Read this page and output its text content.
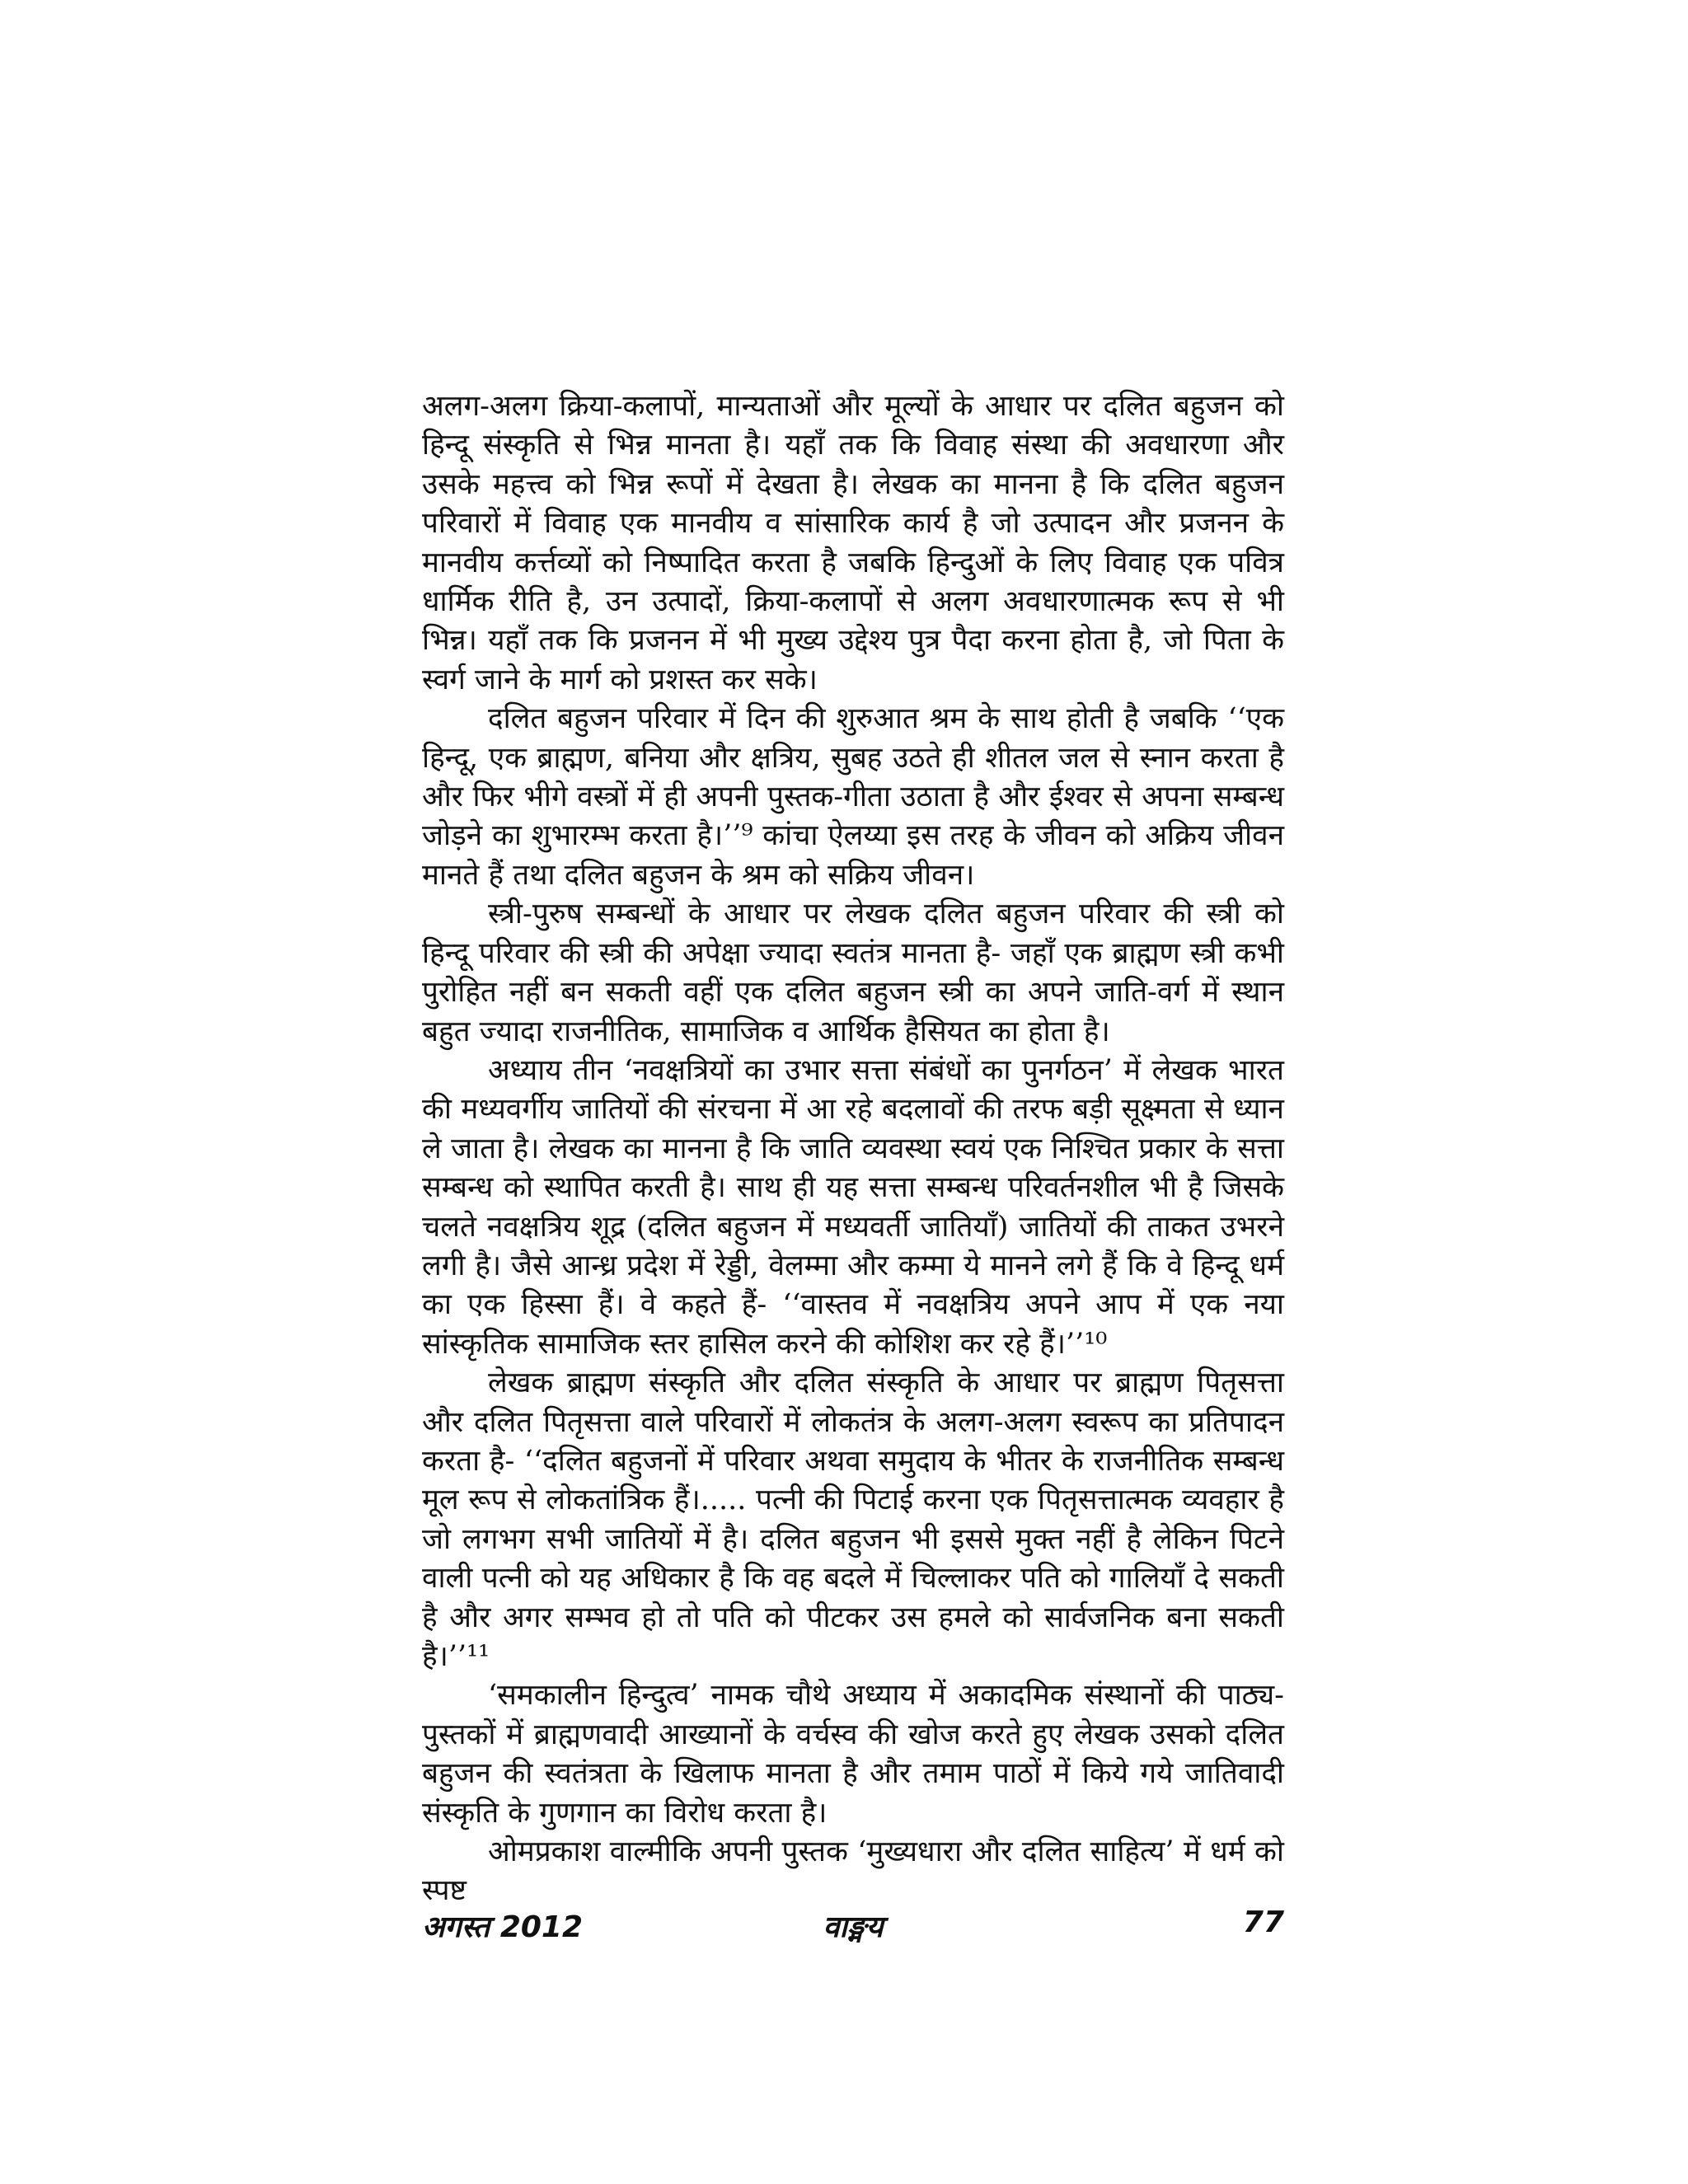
अलग-अलग क्रिया-कलापों, मान्यताओं और मूल्यों के आधार पर दलित बहुजन को हिन्दू संस्कृति से भिन्न मानता है। यहाँ तक कि विवाह संस्था की अवधारणा और उसके महत्त्व को भिन्न रूपों में देखता है। लेखक का मानना है कि दलित बहुजन परिवारों में विवाह एक मानवीय व सांसारिक कार्य है जो उत्पादन और प्रजनन के मानवीय कर्त्तव्यों को निष्पादित करता है जबकि हिन्दुओं के लिए विवाह एक पवित्र धार्मिक रीति है, उन उत्पादों, क्रिया-कलापों से अलग अवधारणात्मक रूप से भी भिन्न। यहाँ तक कि प्रजनन में भी मुख्य उद्देश्य पुत्र पैदा करना होता है, जो पिता के स्वर्ग जाने के मार्ग को प्रशस्त कर सके।

दलित बहुजन परिवार में दिन की शुरुआत श्रम के साथ होती है जबकि ‘‘एक हिन्दू, एक ब्राह्मण, बनिया और क्षत्रिय, सुबह उठते ही शीतल जल से स्नान करता है और फिर भीगे वस्त्रों में ही अपनी पुस्तक-गीता उठाता है और ईश्वर से अपना सम्बन्ध जोड़ने का शुभारम्भ करता है।’’⁹ कांचा ऐलय्या इस तरह के जीवन को अक्रिय जीवन मानते हैं तथा दलित बहुजन के श्रम को सक्रिय जीवन।

स्त्री-पुरुष सम्बन्धों के आधार पर लेखक दलित बहुजन परिवार की स्त्री को हिन्दू परिवार की स्त्री की अपेक्षा ज्यादा स्वतंत्र मानता है- जहाँ एक ब्राह्मण स्त्री कभी पुरोहित नहीं बन सकती वहीं एक दलित बहुजन स्त्री का अपने जाति-वर्ग में स्थान बहुत ज्यादा राजनीतिक, सामाजिक व आर्थिक हैसियत का होता है।

अध्याय तीन ‘नवक्षत्रियों का उभार सत्ता संबंधों का पुनर्गठन’ में लेखक भारत की मध्यवर्गीय जातियों की संरचना में आ रहे बदलावों की तरफ बड़ी सूक्ष्मता से ध्यान ले जाता है। लेखक का मानना है कि जाति व्यवस्था स्वयं एक निश्चित प्रकार के सत्ता सम्बन्ध को स्थापित करती है। साथ ही यह सत्ता सम्बन्ध परिवर्तनशील भी है जिसके चलते नवक्षत्रिय शूद्र (दलित बहुजन में मध्यवर्ती जातियाँ) जातियों की ताकत उभरने लगी है। जैसे आन्ध्र प्रदेश में रेड्डी, वेलम्मा और कम्मा ये मानने लगे हैं कि वे हिन्दू धर्म का एक हिस्सा हैं। वे कहते हैं- ‘‘वास्तव में नवक्षत्रिय अपने आप में एक नया सांस्कृतिक सामाजिक स्तर हासिल करने की कोशिश कर रहे हैं।’’¹⁰

लेखक ब्राह्मण संस्कृति और दलित संस्कृति के आधार पर ब्राह्मण पितृसत्ता और दलित पितृसत्ता वाले परिवारों में लोकतंत्र के अलग-अलग स्वरूप का प्रतिपादन करता है- ‘‘दलित बहुजनों में परिवार अथवा समुदाय के भीतर के राजनीतिक सम्बन्ध मूल रूप से लोकतांत्रिक हैं।..... पत्नी की पिटाई करना एक पितृसत्तात्मक व्यवहार है जो लगभग सभी जातियों में है। दलित बहुजन भी इससे मुक्त नहीं है लेकिन पिटने वाली पत्नी को यह अधिकार है कि वह बदले में चिल्लाकर पति को गालियाँ दे सकती है और अगर सम्भव हो तो पति को पीटकर उस हमले को सार्वजनिक बना सकती है।’’¹¹

‘समकालीन हिन्दुत्व’ नामक चौथे अध्याय में अकादमिक संस्थानों की पाठ्य-पुस्तकों में ब्राह्मणवादी आख्यानों के वर्चस्व की खोज करते हुए लेखक उसको दलित बहुजन की स्वतंत्रता के खिलाफ मानता है और तमाम पाठों में किये गये जातिवादी संस्कृति के गुणगान का विरोध करता है।

ओमप्रकाश वाल्मीकि अपनी पुस्तक ‘मुख्यधारा और दलित साहित्य’ में धर्म को स्पष्ट

अगस्त 2012	वाङ्मय	77
